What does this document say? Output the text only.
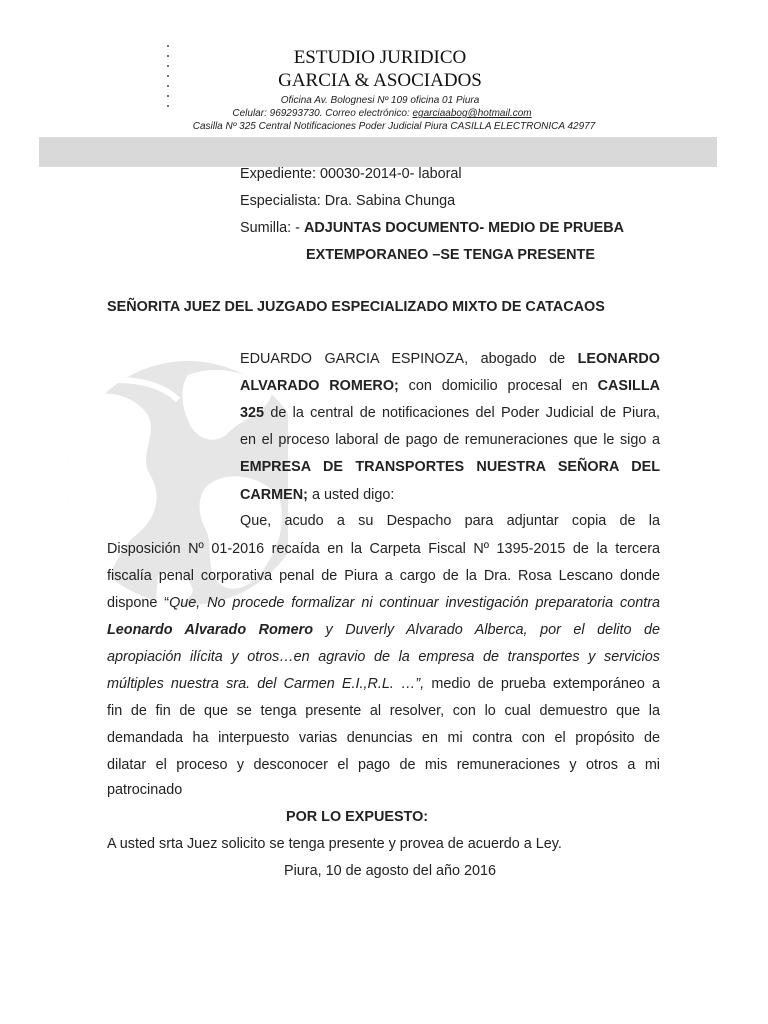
ESTUDIO JURIDICO
GARCIA & ASOCIADOS
Oficina Av. Bolognesi Nº 109 oficina 01 Piura
Celular: 969293730. Correo electrónico: egarciaabog@hotmail.com
Casilla Nº 325 Central Notificaciones Poder Judicial Piura CASILLA ELECTRONICA 42977
Expediente: 00030-2014-0- laboral
Especialista: Dra. Sabina Chunga
Sumilla: - ADJUNTAS DOCUMENTO- MEDIO DE PRUEBA
EXTEMPORANEO –SE TENGA PRESENTE
SEÑORITA JUEZ DEL JUZGADO ESPECIALIZADO MIXTO DE CATACAOS
EDUARDO GARCIA ESPINOZA, abogado de LEONARDO
ALVARADO ROMERO; con domicilio procesal en CASILLA
325 de la central de notificaciones del Poder Judicial de Piura,
en el proceso laboral de pago de remuneraciones que le sigo a
EMPRESA DE TRANSPORTES NUESTRA SEÑORA DEL
CARMEN; a usted digo:
Que, acudo a su Despacho para adjuntar copia de la
Disposición Nº 01-2016 recaída en la Carpeta Fiscal Nº 1395-2015 de la tercera
fiscalía penal corporativa penal de Piura a cargo de la Dra. Rosa Lescano donde
dispone “Que, No procede formalizar ni continuar investigación preparatoria contra
Leonardo Alvarado Romero y Duverly Alvarado Alberca, por el delito de
apropiación ilícita y otros…en agravio de la empresa de transportes y servicios
múltiples nuestra sra. del Carmen E.I.,R.L. …”, medio de prueba extemporáneo a
fin de fin de que se tenga presente al resolver, con lo cual demuestro que la
demandada ha interpuesto varias denuncias en mi contra con el propósito de
dilatar el proceso y desconocer el pago de mis remuneraciones y otros a mi
patrocinado
POR LO EXPUESTO:
A usted srta Juez solicito se tenga presente y provea de acuerdo a Ley.
Piura, 10 de agosto del año 2016
